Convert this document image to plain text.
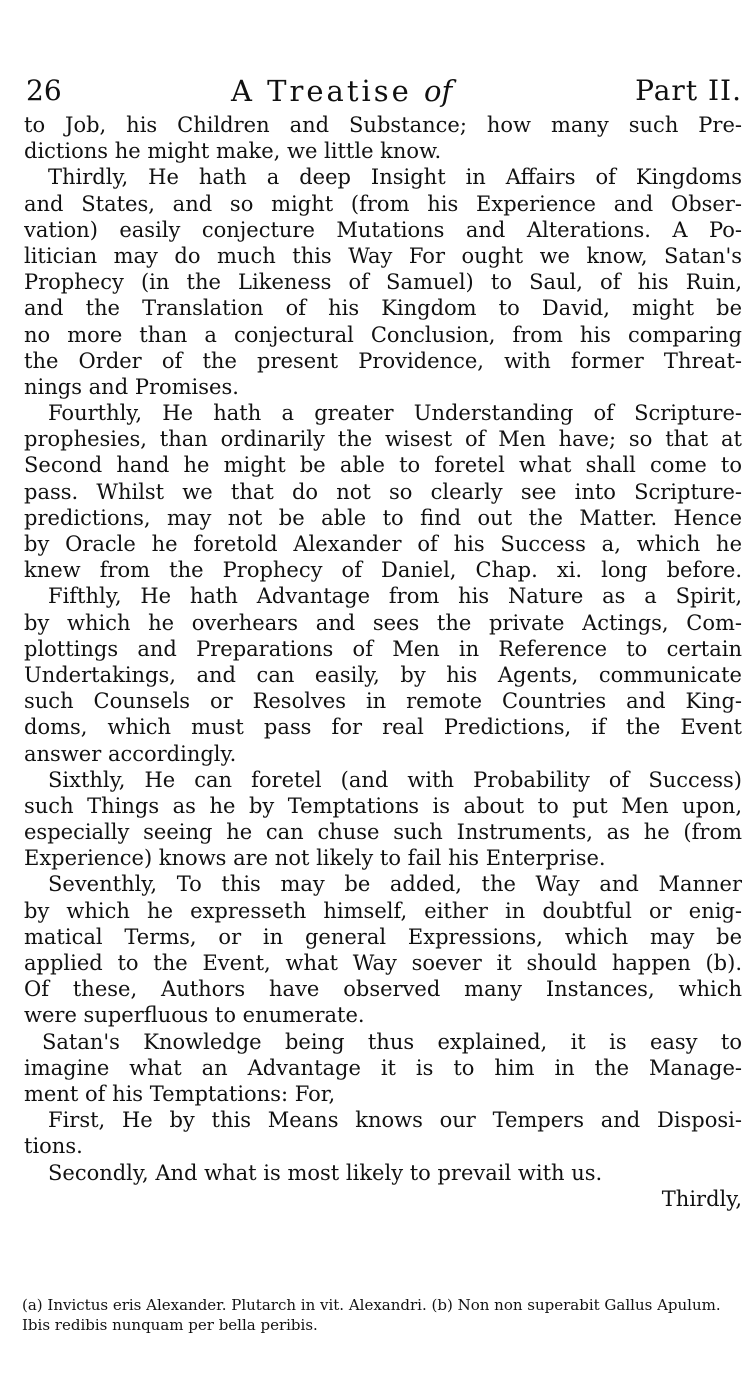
26	A Treatise of	Part II.
to Job, his Children and Substance; how many such Pre-
dictions he might make, we little know.
Thirdly, He hath a deep Insight in Affairs of Kingdoms
and States, and so might (from his Experience and Obser-
vation) easily conjecture Mutations and Alterations. A Po-
litician may do much this Way For ought we know, Satan's
Prophecy (in the Likeness of Samuel) to Saul, of his Ruin,
and the Translation of his Kingdom to David, might be
no more than a conjectural Conclusion, from his comparing
the Order of the present Providence, with former Threat-
nings and Promises.
Fourthly, He hath a greater Understanding of Scripture-
prophesies, than ordinarily the wisest of Men have; so that at
Second hand he might be able to foretel what shall come to
pass. Whilst we that do not so clearly see into Scripture-
predictions, may not be able to find out the Matter. Hence
by Oracle he foretold Alexander of his Success a, which he
knew from the Prophecy of Daniel, Chap. xi. long before.
Fifthly, He hath Advantage from his Nature as a Spirit,
by which he overhears and sees the private Actings, Com-
plottings and Preparations of Men in Reference to certain
Undertakings, and can easily, by his Agents, communicate
such Counsels or Resolves in remote Countries and King-
doms, which must pass for real Predictions, if the Event
answer accordingly.
Sixthly, He can foretel (and with Probability of Success)
such Things as he by Temptations is about to put Men upon,
especially seeing he can chuse such Instruments, as he (from
Experience) knows are not likely to fail his Enterprise.
Seventhly, To this may be added, the Way and Manner
by which he expresseth himself, either in doubtful or enig-
matical Terms, or in general Expressions, which may be
applied to the Event, what Way soever it should happen (b).
Of these, Authors have observed many Instances, which
were superfluous to enumerate.
Satan's Knowledge being thus explained, it is easy to
imagine what an Advantage it is to him in the Manage-
ment of his Temptations: For,
First, He by this Means knows our Tempers and Disposi-
tions.
Secondly, And what is most likely to prevail with us.
Thirdly,
(a) Invictus eris Alexander. Plutarch in vit. Alexandri. (b) Non non superabit Gallus Apulum. Ibis redibis nunquam per bella peribis.
